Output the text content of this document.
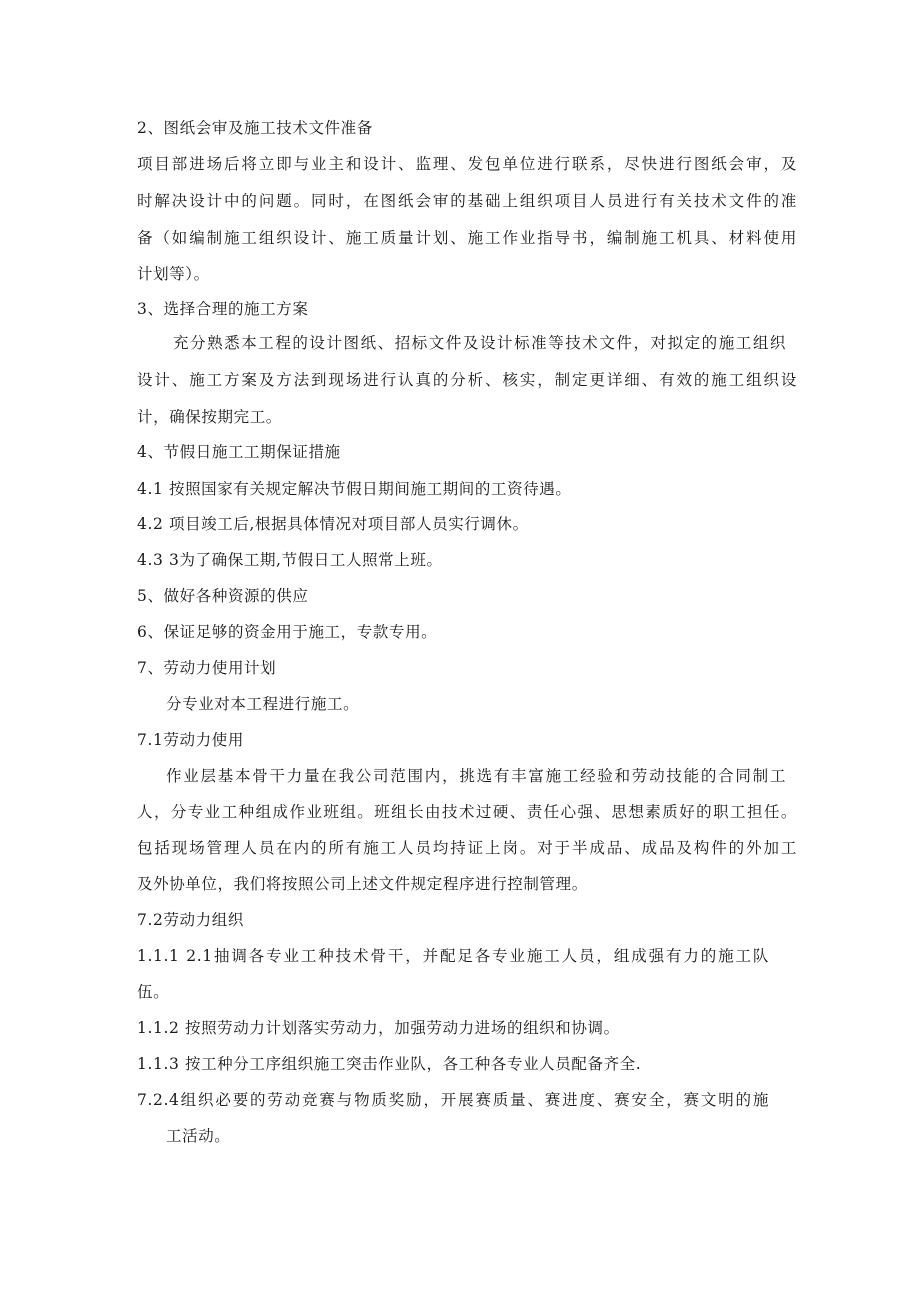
2、图纸会审及施工技术文件准备
项目部进场后将立即与业主和设计、监理、发包单位进行联系，尽快进行图纸会审，及
时解决设计中的问题。同时，在图纸会审的基础上组织项目人员进行有关技术文件的准
备（如编制施工组织设计、施工质量计划、施工作业指导书，编制施工机具、材料使用
计划等）。
3、选择合理的施工方案
充分熟悉本工程的设计图纸、招标文件及设计标准等技术文件，对拟定的施工组织
设计、施工方案及方法到现场进行认真的分析、核实，制定更详细、有效的施工组织设
计，确保按期完工。
4、节假日施工工期保证措施
4.1 按照国家有关规定解决节假日期间施工期间的工资待遇。
4.2 项目竣工后,根据具体情况对项目部人员实行调休。
4.3 3为了确保工期,节假日工人照常上班。
5、做好各种资源的供应
6、保证足够的资金用于施工，专款专用。
7、劳动力使用计划
分专业对本工程进行施工。
7.1劳动力使用
作业层基本骨干力量在我公司范围内，挑选有丰富施工经验和劳动技能的合同制工
人，分专业工种组成作业班组。班组长由技术过硬、责任心强、思想素质好的职工担任。
包括现场管理人员在内的所有施工人员均持证上岗。对于半成品、成品及构件的外加工
及外协单位，我们将按照公司上述文件规定程序进行控制管理。
7.2劳动力组织
1.1.1 2.1抽调各专业工种技术骨干，并配足各专业施工人员，组成强有力的施工队
伍。
1.1.2 按照劳动力计划落实劳动力，加强劳动力进场的组织和协调。
1.1.3 按工种分工序组织施工突击作业队，各工种各专业人员配备齐全.
7.2.4组织必要的劳动竞赛与物质奖励，开展赛质量、赛进度、赛安全，赛文明的施
工活动。
